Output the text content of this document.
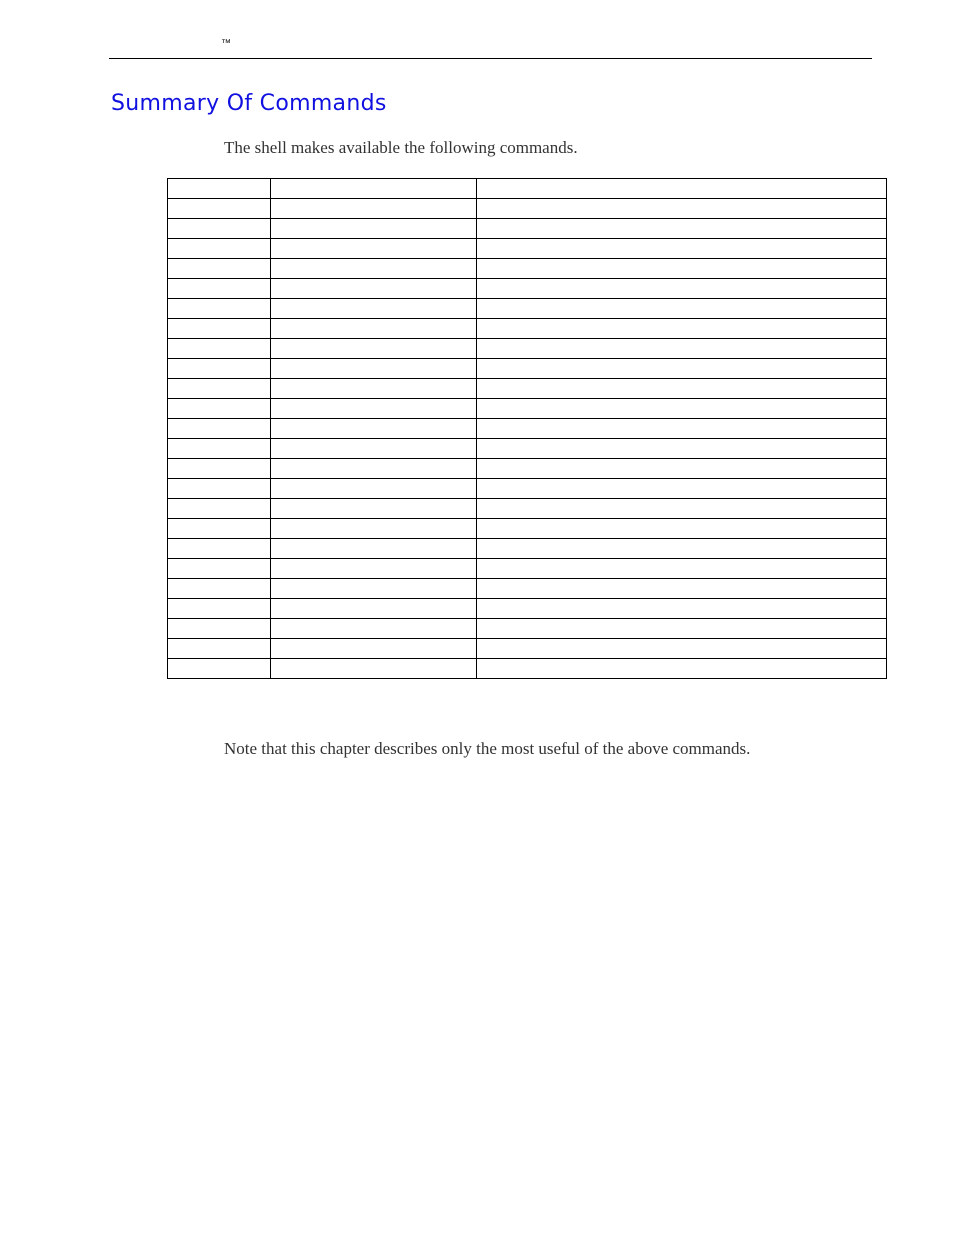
™
Summary Of Commands

The shell makes available the following commands.

Note that this chapter describes only the most useful of the above commands.
